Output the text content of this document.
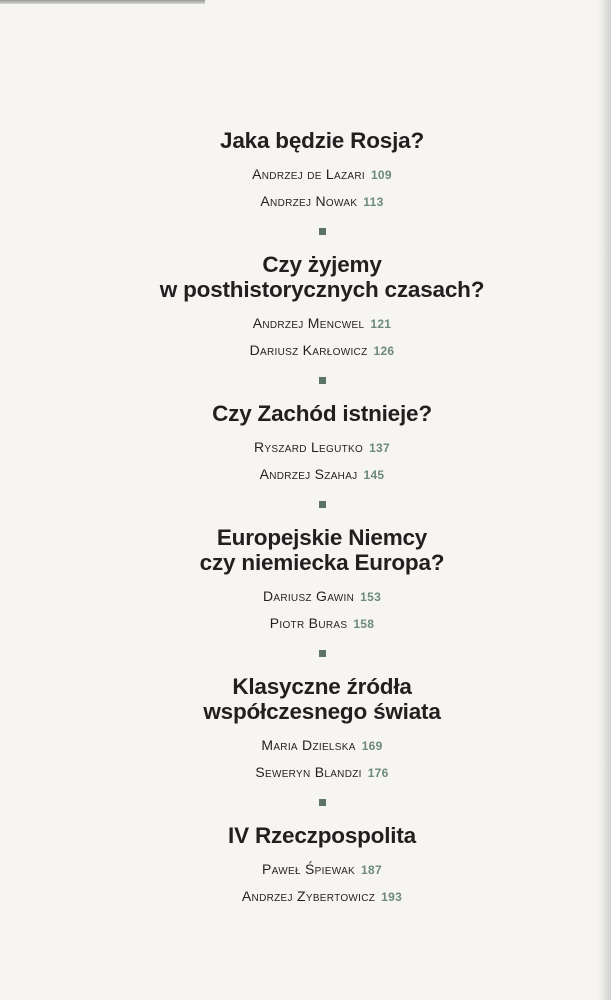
Jaka będzie Rosja?
Andrzej de Lazari 109
Andrzej Nowak 113
Czy żyjemy
w posthistorycznych czasach?
Andrzej Mencwel 121
Dariusz Karłowicz 126
Czy Zachód istnieje?
Ryszard Legutko 137
Andrzej Szahaj 145
Europejskie Niemcy
czy niemiecka Europa?
Dariusz Gawin 153
Piotr Buras 158
Klasyczne źródła
współczesnego świata
Maria Dzielska 169
Seweryn Blandzi 176
IV Rzeczpospolita
Paweł Śpiewak 187
Andrzej Zybertowicz 193
